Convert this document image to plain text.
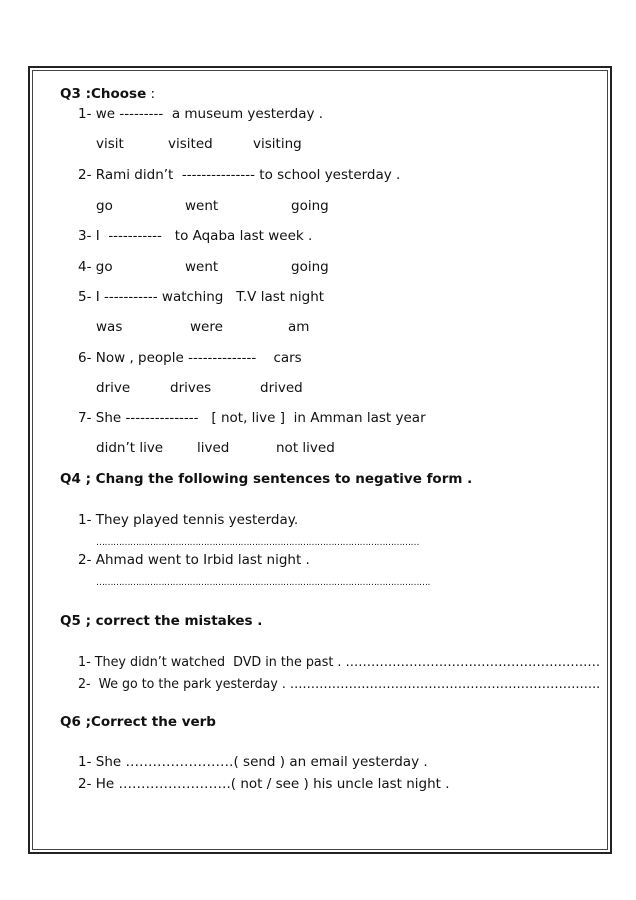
Q3 :Choose :
1- we ---------  a museum yesterday .
visit	visited	visiting
2- Rami didn’t  --------------- to school yesterday .
go	went	going
3- I  -----------   to Aqaba last week .
4- go	went	going
5- I ----------- watching   T.V last night
was	were	am
6- Now , people --------------    cars
drive	drives	drived
7- She ---------------   [ not, live ]  in Amman last year
didn’t live	lived	not lived
Q4 ; Chang the following sentences to negative form .
1- They played tennis yesterday.
……………………………………………………………………………………………………
2- Ahmad went to Irbid last night .
……………………………………………………………………………………………………….
Q5 ; correct the mistakes .
1- They didn’t watched  DVD in the past . ……………………………………………………
2-  We go to the park yesterday . ………………………………………………………………..
Q6 ;Correct the verb
1- She ……………………( send ) an email yesterday .
2- He …………………….( not / see ) his uncle last night .
